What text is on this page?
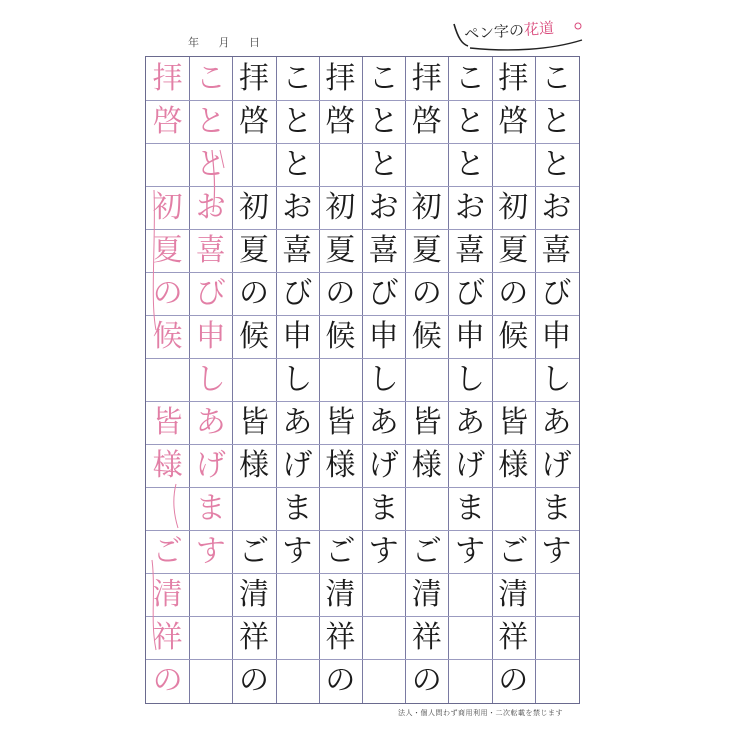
年 月 日	ペン字の花道
こ
と
と
お
喜
び
申
し
あ
げ
ま
す
拝
啓
初
夏
の
候
皆
様
ご
清
祥
の
こ
と
と
お
喜
び
申
し
あ
げ
ま
す
拝
啓
初
夏
の
候
皆
様
ご
清
祥
の
こ
と
と
お
喜
び
申
し
あ
げ
ま
す
拝
啓
初
夏
の
候
皆
様
ご
清
祥
の
こ
と
と
お
喜
び
申
し
あ
げ
ま
す
拝
啓
初
夏
の
候
皆
様
ご
清
祥
の
こ
と
と
お
喜
び
申
し
あ
げ
ま
す
拝
啓
初
夏
の
候
皆
様
ご
清
祥
の
法人・個人問わず商用利用・二次転載を禁じます
